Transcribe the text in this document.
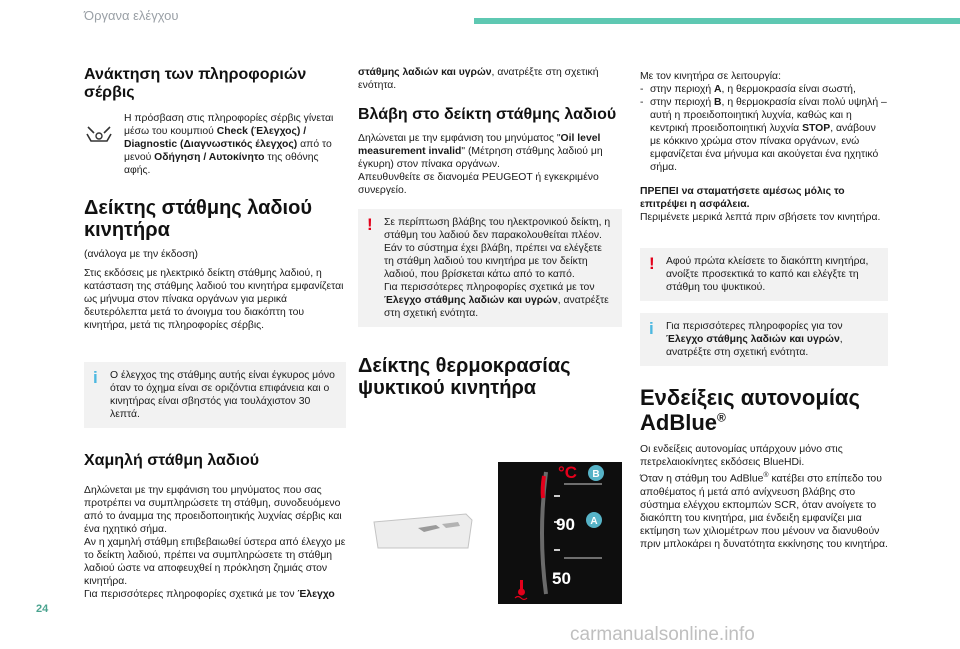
Όργανα ελέγχου
Ανάκτηση των πληροφοριών σέρβις

Η πρόσβαση στις πληροφορίες σέρβις γίνεται μέσω του κουμπιού Check (Έλεγχος) / Diagnostic (Διαγνωστικός έλεγχος) από το μενού Οδήγηση / Αυτοκίνητο της οθόνης αφής.

Δείκτης στάθμης λαδιού κινητήρα

(ανάλογα με την έκδοση)

Στις εκδόσεις με ηλεκτρικό δείκτη στάθμης λαδιού, η κατάσταση της στάθμης λαδιού του κινητήρα εμφανίζεται ως μήνυμα στον πίνακα οργάνων για μερικά δευτερόλεπτα μετά το άνοιγμα του διακόπτη του κινητήρα, μετά τις πληροφορίες σέρβις.

i Ο έλεγχος της στάθμης αυτής είναι έγκυρος μόνο όταν το όχημα είναι σε οριζόντια επιφάνεια και ο κινητήρας είναι σβηστός για τουλάχιστον 30 λεπτά.
Χαμηλή στάθμη λαδιού

Δηλώνεται με την εμφάνιση του μηνύματος που σας προτρέπει να συμπληρώσετε τη στάθμη, συνοδευόμενο από το άναμμα της προειδοποιητικής λυχνίας σέρβις και ένα ηχητικό σήμα.

Αν η χαμηλή στάθμη επιβεβαιωθεί ύστερα από έλεγχο με το δείκτη λαδιού, πρέπει να συμπληρώσετε τη στάθμη λαδιού ώστε να αποφευχθεί η πρόκληση ζημιάς στον κινητήρα.

Για περισσότερες πληροφορίες σχετικά με τον Έλεγχο

στάθμης λαδιών και υγρών, ανατρέξτε στη σχετική ενότητα.

Βλάβη στο δείκτη στάθμης λαδιού

Δηλώνεται με την εμφάνιση του μηνύματος "Oil level measurement invalid" (Μέτρηση στάθμης λαδιού μη έγκυρη) στον πίνακα οργάνων.

Απευθυνθείτε σε διανομέα PEUGEOT ή εγκεκριμένο συνεργείο.

! Σε περίπτωση βλάβης του ηλεκτρονικού δείκτη, η στάθμη του λαδιού δεν παρακολουθείται πλέον.
Εάν το σύστημα έχει βλάβη, πρέπει να ελέγξετε τη στάθμη λαδιού του κινητήρα με τον δείκτη λαδιού, που βρίσκεται κάτω από το καπό.
Για περισσότερες πληροφορίες σχετικά με τον Έλεγχο στάθμης λαδιών και υγρών, ανατρέξτε στη σχετική ενότητα.
Δείκτης θερμοκρασίας ψυκτικού κινητήρα
°C
90
50
B
A

Με τον κινητήρα σε λειτουργία:

- στην περιοχή A, η θερμοκρασία είναι σωστή,
- στην περιοχή B, η θερμοκρασία είναι πολύ υψηλή – αυτή η προειδοποιητική λυχνία, καθώς και η κεντρική προειδοποιητική λυχνία STOP, ανάβουν με κόκκινο χρώμα στον πίνακα οργάνων, ενώ εμφανίζεται ένα μήνυμα και ακούγεται ένα ηχητικό σήμα.

ΠΡΕΠΕΙ να σταματήσετε αμέσως μόλις το επιτρέψει η ασφάλεια.

Περιμένετε μερικά λεπτά πριν σβήσετε τον κινητήρα.

! Αφού πρώτα κλείσετε το διακόπτη κινητήρα, ανοίξτε προσεκτικά το καπό και ελέγξτε τη στάθμη του ψυκτικού.
i Για περισσότερες πληροφορίες για τον Έλεγχο στάθμης λαδιών και υγρών, ανατρέξτε στη σχετική ενότητα.
Ενδείξεις αυτονομίας
AdBlue®

Οι ενδείξεις αυτονομίας υπάρχουν μόνο στις πετρελαιοκίνητες εκδόσεις BlueHDi.

Όταν η στάθμη του AdBlue® κατέβει στο επίπεδο του αποθέματος ή μετά από ανίχνευση βλάβης στο σύστημα ελέγχου εκπομπών SCR, όταν ανοίγετε το διακόπτη του κινητήρα, μια ένδειξη εμφανίζει μια εκτίμηση των χιλιομέτρων που μένουν να διανυθούν πριν μπλοκάρει η δυνατότητα εκκίνησης του κινητήρα.

24
carmanualsonline.info
